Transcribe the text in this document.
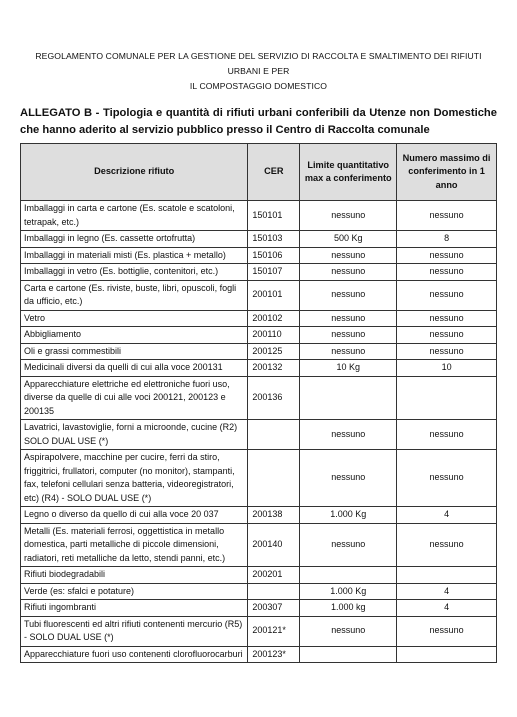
REGOLAMENTO COMUNALE PER LA GESTIONE DEL SERVIZIO DI RACCOLTA E SMALTIMENTO DEI RIFIUTI URBANI E PER
IL COMPOSTAGGIO DOMESTICO
ALLEGATO B - Tipologia e quantità di rifiuti urbani conferibili da Utenze non Domestiche che hanno aderito al servizio pubblico presso il Centro di Raccolta comunale
Descrizione rifiuto	CER	Limite quantitativo max a conferimento	Numero massimo di conferimento in 1 anno
Imballaggi in carta e cartone (Es. scatole e scatoloni, tetrapak, etc.)	150101	nessuno	nessuno
Imballaggi in legno (Es. cassette ortofrutta)	150103	500 Kg	8
Imballaggi in materiali misti (Es. plastica + metallo)	150106	nessuno	nessuno
Imballaggi in vetro (Es. bottiglie, contenitori, etc.)	150107	nessuno	nessuno
Carta e cartone (Es. riviste, buste, libri, opuscoli, fogli da ufficio, etc.)	200101	nessuno	nessuno
Vetro	200102	nessuno	nessuno
Abbigliamento	200110	nessuno	nessuno
Oli e grassi commestibili	200125	nessuno	nessuno
Medicinali diversi da quelli di cui alla voce 200131	200132	10 Kg	10
Apparecchiature elettriche ed elettroniche fuori uso, diverse da quelle di cui alle voci 200121, 200123 e 200135	200136		
Lavatrici, lavastoviglie, forni a microonde, cucine (R2) SOLO DUAL USE (*)		nessuno	nessuno
Aspirapolvere, macchine per cucire, ferri da stiro, friggitrici, frullatori, computer (no monitor), stampanti, fax, telefoni cellulari senza batteria, videoregistratori, etc) (R4) - SOLO DUAL USE (*)		nessuno	nessuno
Legno o diverso da quello di cui alla voce 20 037	200138	1.000 Kg	4
Metalli (Es. materiali ferrosi, oggettistica in metallo domestica, parti metalliche di piccole dimensioni, radiatori, reti metalliche da letto, stendi panni, etc.)	200140	nessuno	nessuno
Rifiuti biodegradabili	200201		
Verde (es: sfalci e potature)		1.000 Kg	4
Rifiuti ingombranti	200307	1.000 kg	4
Tubi fluorescenti ed altri rifiuti contenenti mercurio (R5) - SOLO DUAL USE (*)	200121*	nessuno	nessuno
Apparecchiature fuori uso contenenti clorofluorocarburi	200123*		
